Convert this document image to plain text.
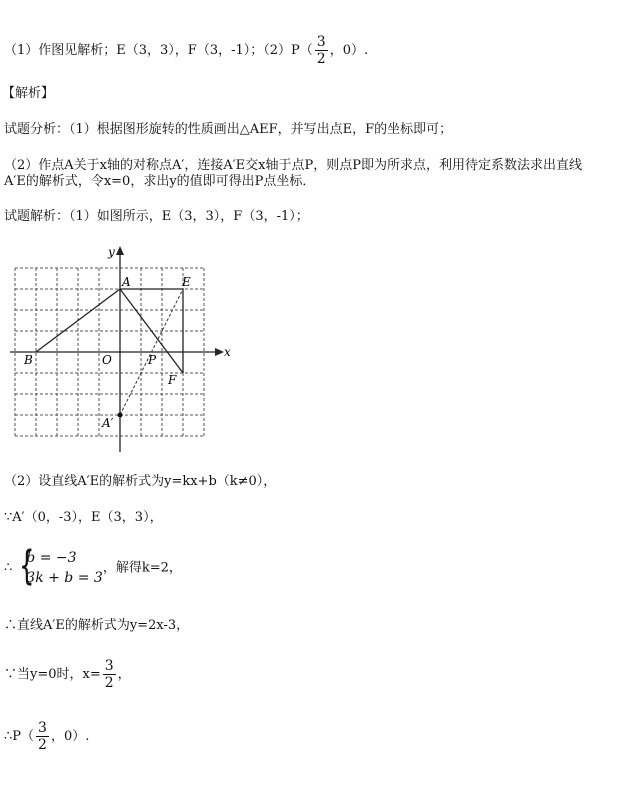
（1）作图见解析；E（3，3），F（3，-1）；$(2)P( \frac{3}{2}$ ，0）.
【解析】
试题分析：（1）根据图形旋转的性质画出△AEF，并写出点E，F的坐标即可；
（2）作点A关于x轴的对称点A′，连接A′E交x轴于点P，则点P即为所求点，利用待定系数法求出直线
A′E的解析式，令x=0，求出y的值即可得出P点坐标．
试题解析：（1）如图所示，E（3，3），F（3，-1）；
y
x
A	E
B	O	P
F
A′
（2）设直线A′E的解析式为y=kx+b（k≠0），
∵A′（0，-3），E（3，3），
∴ {
b = −3
3k + b = 3
，解得k=2，
∴直线A′E的解析式为y=2x-3，
∵当y=0时，$x= \frac{3}{2}$ ，
∴P（ $\frac{3}{2}$ ，0）.
